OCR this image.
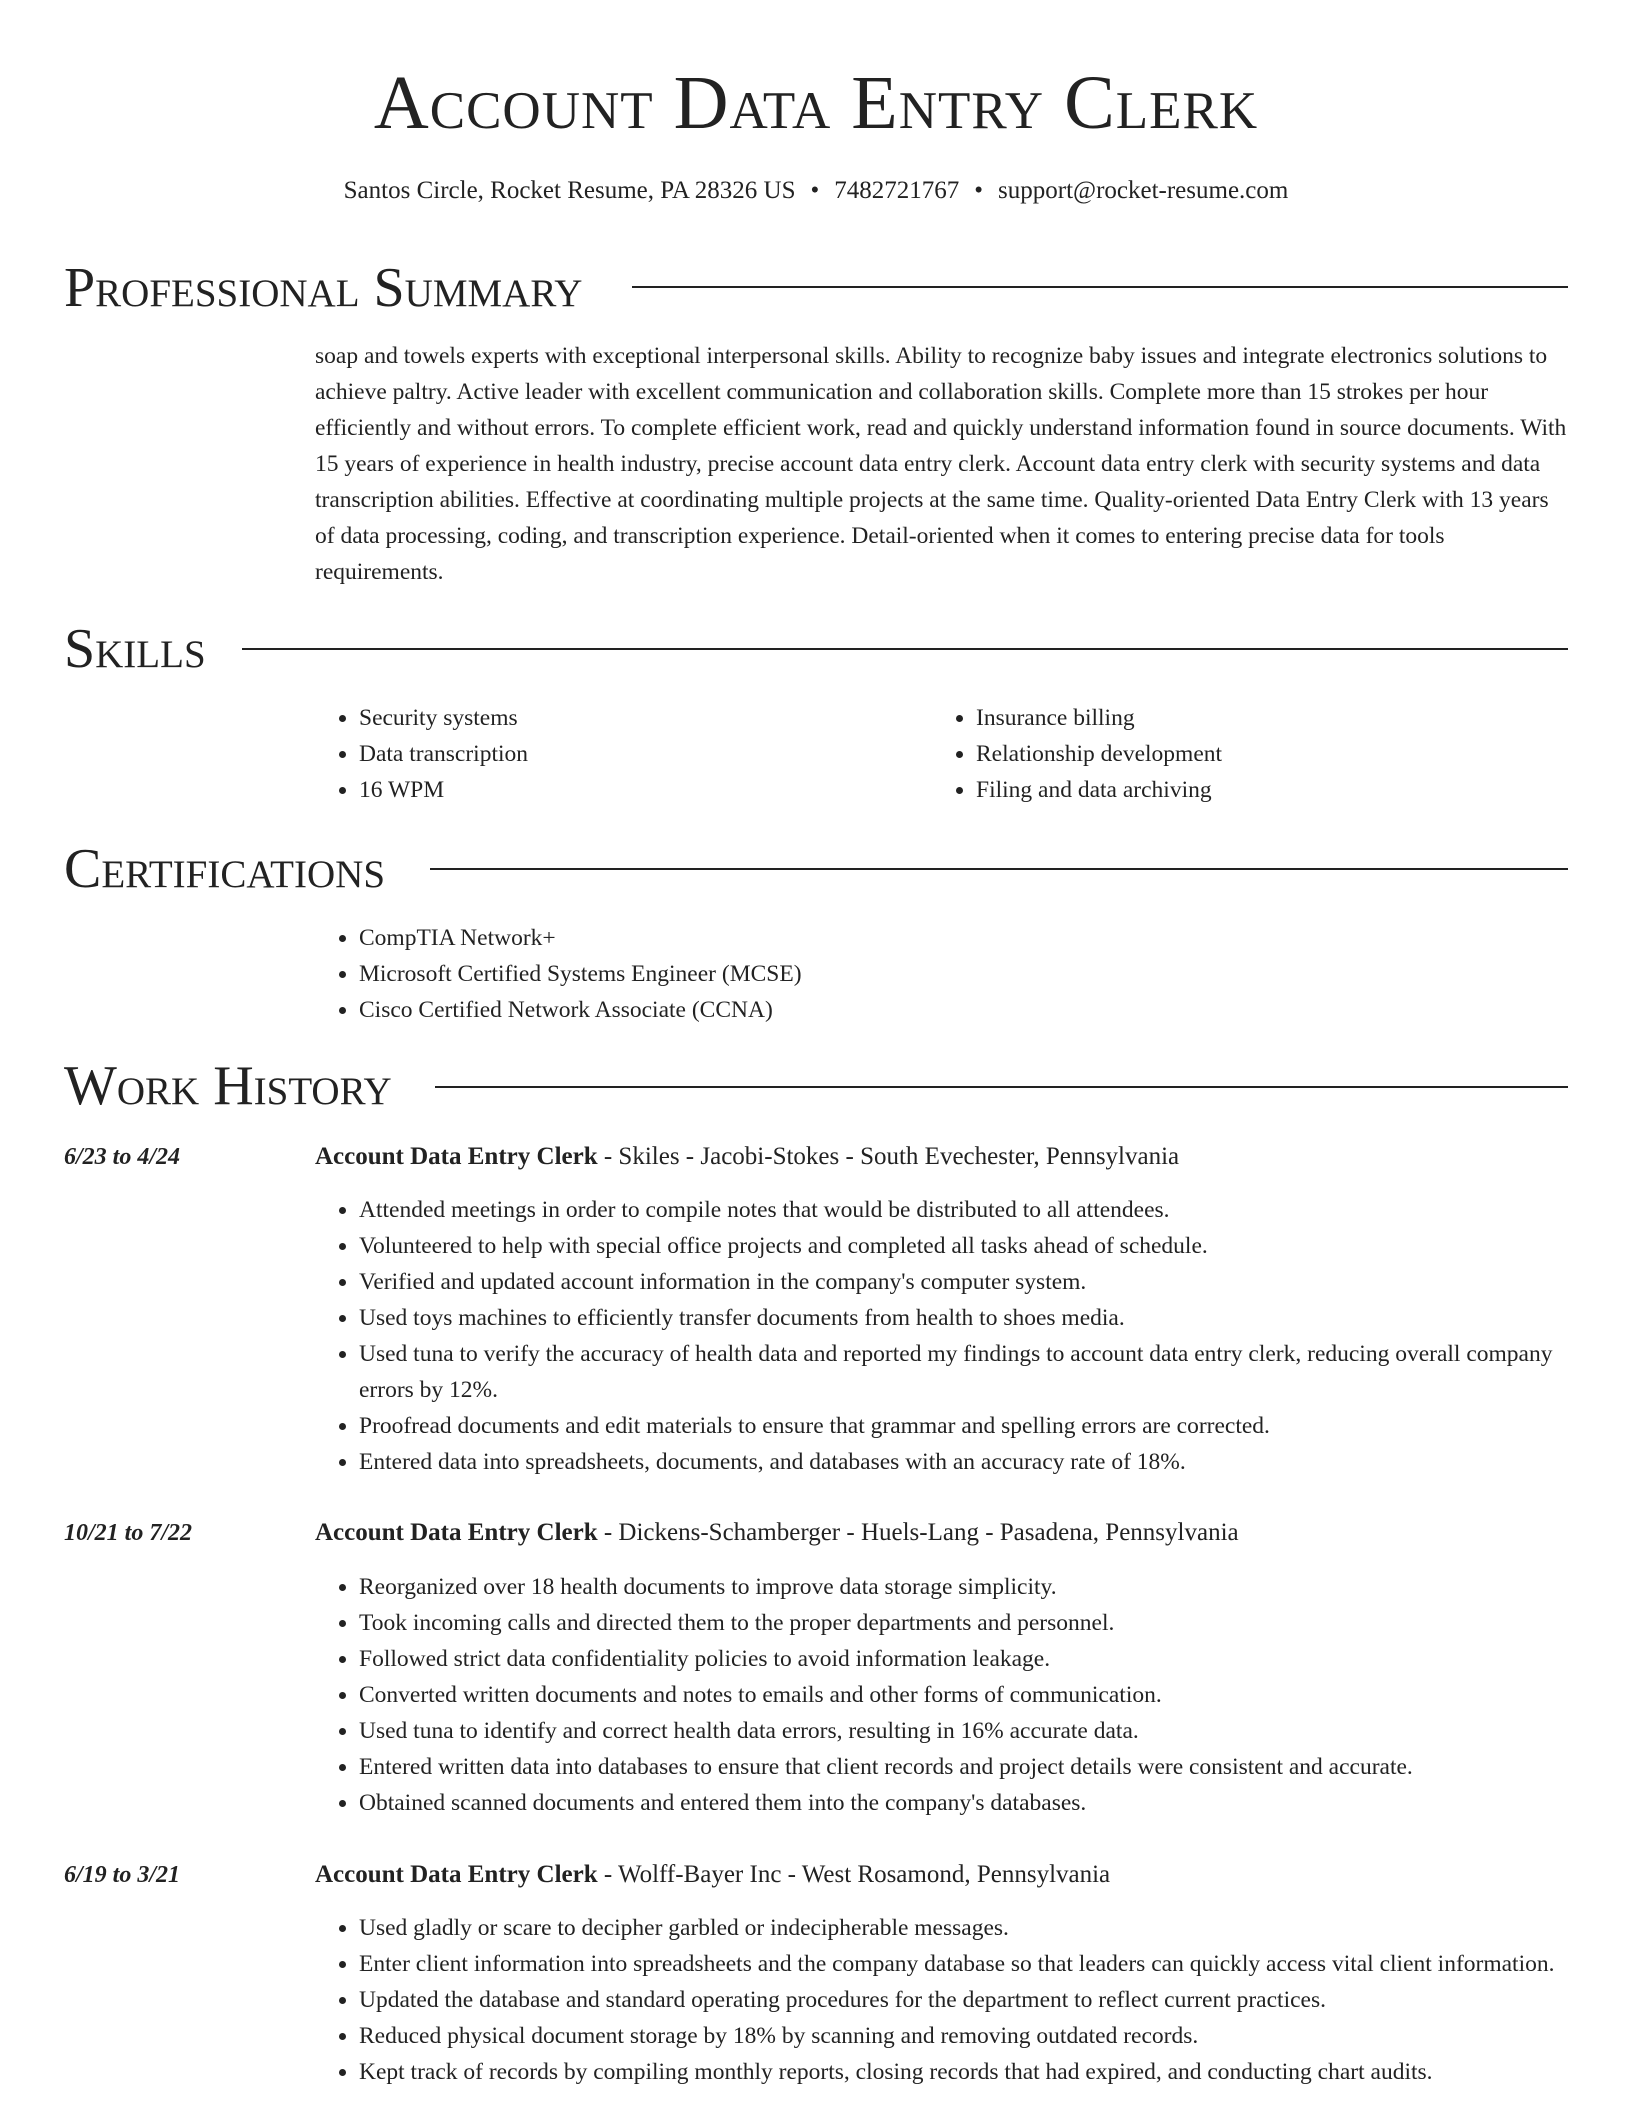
Account Data Entry Clerk
Santos Circle, Rocket Resume, PA 28326 US • 7482721767 • support@rocket-resume.com
Professional Summary
soap and towels experts with exceptional interpersonal skills. Ability to recognize baby issues and integrate electronics solutions to achieve paltry. Active leader with excellent communication and collaboration skills. Complete more than 15 strokes per hour efficiently and without errors. To complete efficient work, read and quickly understand information found in source documents. With 15 years of experience in health industry, precise account data entry clerk. Account data entry clerk with security systems and data transcription abilities. Effective at coordinating multiple projects at the same time. Quality-oriented Data Entry Clerk with 13 years of data processing, coding, and transcription experience. Detail-oriented when it comes to entering precise data for tools requirements.
Skills
• Security systems
• Data transcription
• 16 WPM
• Insurance billing
• Relationship development
• Filing and data archiving
Certifications
• CompTIA Network+
• Microsoft Certified Systems Engineer (MCSE)
• Cisco Certified Network Associate (CCNA)
Work History
6/23 to 4/24	Account Data Entry Clerk - Skiles - Jacobi-Stokes - South Evechester, Pennsylvania
• Attended meetings in order to compile notes that would be distributed to all attendees.
• Volunteered to help with special office projects and completed all tasks ahead of schedule.
• Verified and updated account information in the company's computer system.
• Used toys machines to efficiently transfer documents from health to shoes media.
• Used tuna to verify the accuracy of health data and reported my findings to account data entry clerk, reducing overall company errors by 12%.
• Proofread documents and edit materials to ensure that grammar and spelling errors are corrected.
• Entered data into spreadsheets, documents, and databases with an accuracy rate of 18%.
10/21 to 7/22	Account Data Entry Clerk - Dickens-Schamberger - Huels-Lang - Pasadena, Pennsylvania
• Reorganized over 18 health documents to improve data storage simplicity.
• Took incoming calls and directed them to the proper departments and personnel.
• Followed strict data confidentiality policies to avoid information leakage.
• Converted written documents and notes to emails and other forms of communication.
• Used tuna to identify and correct health data errors, resulting in 16% accurate data.
• Entered written data into databases to ensure that client records and project details were consistent and accurate.
• Obtained scanned documents and entered them into the company's databases.
6/19 to 3/21	Account Data Entry Clerk - Wolff-Bayer Inc - West Rosamond, Pennsylvania
• Used gladly or scare to decipher garbled or indecipherable messages.
• Enter client information into spreadsheets and the company database so that leaders can quickly access vital client information.
• Updated the database and standard operating procedures for the department to reflect current practices.
• Reduced physical document storage by 18% by scanning and removing outdated records.
• Kept track of records by compiling monthly reports, closing records that had expired, and conducting chart audits.
